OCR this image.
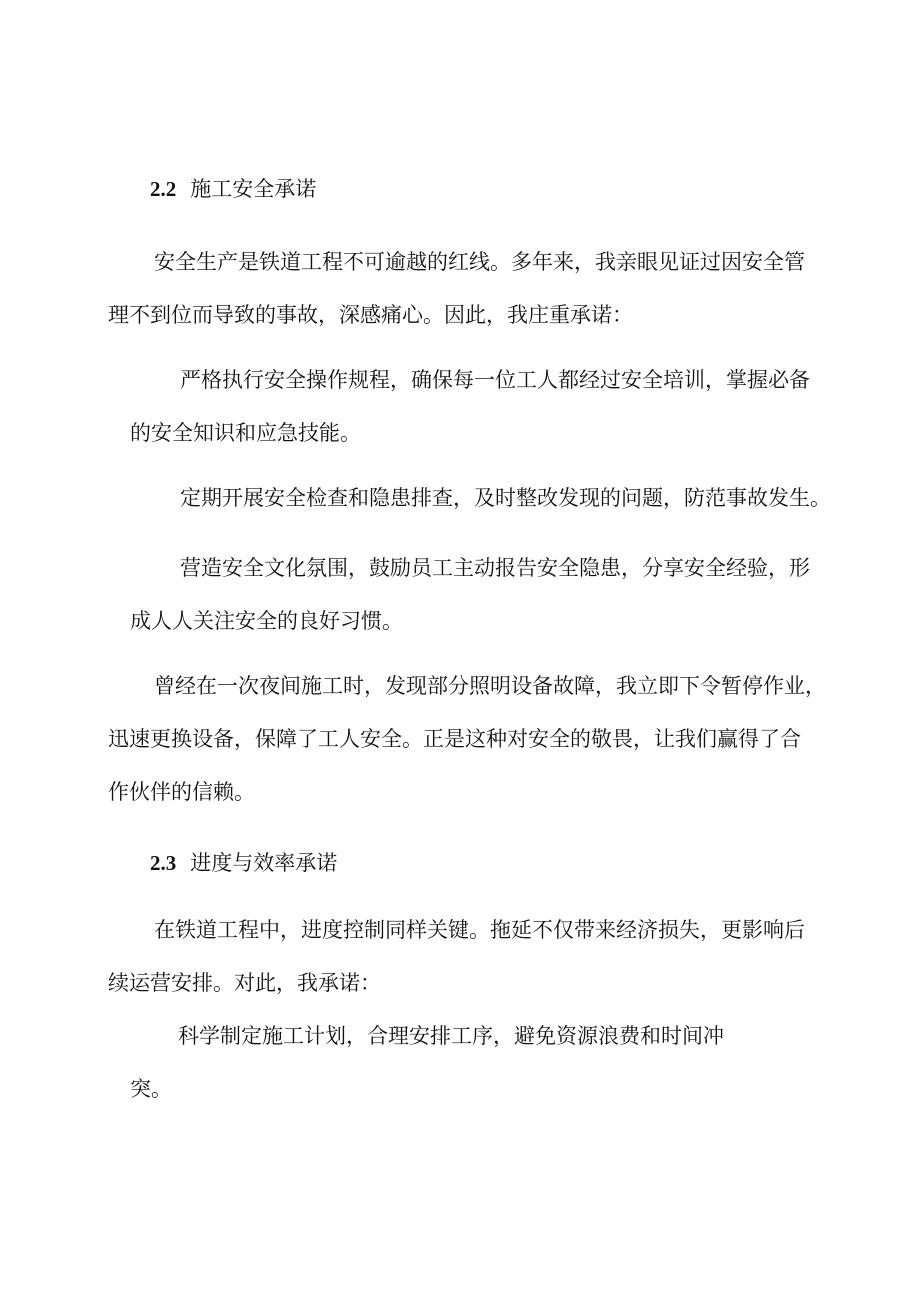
2.2 施工安全承诺
安全生产是铁道工程不可逾越的红线。多年来，我亲眼见证过因安全管
理不到位而导致的事故，深感痛心。因此，我庄重承诺：
严格执行安全操作规程，确保每一位工人都经过安全培训，掌握必备
的安全知识和应急技能。
定期开展安全检查和隐患排查，及时整改发现的问题，防范事故发生。
营造安全文化氛围，鼓励员工主动报告安全隐患，分享安全经验，形
成人人关注安全的良好习惯。
曾经在一次夜间施工时，发现部分照明设备故障，我立即下令暂停作业，
迅速更换设备，保障了工人安全。正是这种对安全的敬畏，让我们赢得了合
作伙伴的信赖。
2.3 进度与效率承诺
在铁道工程中，进度控制同样关键。拖延不仅带来经济损失，更影响后
续运营安排。对此，我承诺：
科学制定施工计划，合理安排工序，避免资源浪费和时间冲
突。
